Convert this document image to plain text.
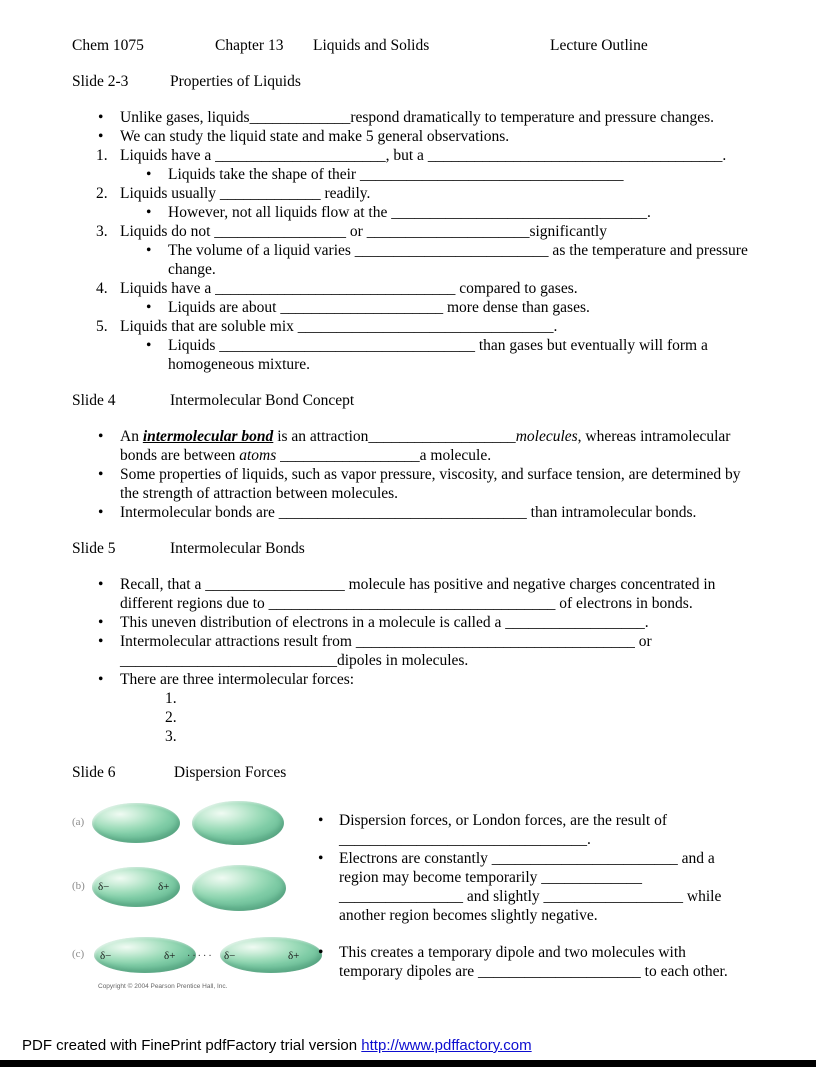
Chem 1075	Chapter 13 Liquids and Solids	Lecture Outline
Slide 2-3	Properties of Liquids
• Unlike gases, liquids_____________respond dramatically to temperature and pressure changes.
• We can study the liquid state and make 5 general observations.
1. Liquids have a ______________________, but a ______________________________________.
• Liquids take the shape of their __________________________________
2. Liquids usually _____________ readily.
• However, not all liquids flow at the _________________________________.
3. Liquids do not _________________ or _____________________significantly
• The volume of a liquid varies _________________________ as the temperature and pressure change.
4. Liquids have a _______________________________ compared to gases.
• Liquids are about _____________________ more dense than gases.
5. Liquids that are soluble mix _________________________________.
• Liquids _________________________________ than gases but eventually will form a homogeneous mixture.
Slide 4	Intermolecular Bond Concept
• An intermolecular bond is an attraction___________________molecules, whereas intramolecular
bonds are between atoms __________________a molecule.
• Some properties of liquids, such as vapor pressure, viscosity, and surface tension, are determined by
the strength of attraction between molecules.
• Intermolecular bonds are ________________________________ than intramolecular bonds.
Slide 5	Intermolecular Bonds
• Recall, that a __________________ molecule has positive and negative charges concentrated in
different regions due to _____________________________________ of electrons in bonds.
• This uneven distribution of electrons in a molecule is called a __________________.
• Intermolecular attractions result from ____________________________________ or
____________________________dipoles in molecules.
• There are three intermolecular forces:
1.
2.
3.
Slide 6	Dispersion Forces
(a)
(b) δ−	δ+
(c) δ−	δ+ ····· δ−	δ+
Copyright © 2004 Pearson Prentice Hall, Inc.
• Dispersion forces, or London forces, are the result of
________________________________.
• Electrons are constantly ________________________ and a region may become temporarily _____________ ________________ and slightly __________________ while another region becomes slightly negative.
• This creates a temporary dipole and two molecules with temporary dipoles are _____________________ to each other.
PDF created with FinePrint pdfFactory trial version http://www.pdffactory.com
